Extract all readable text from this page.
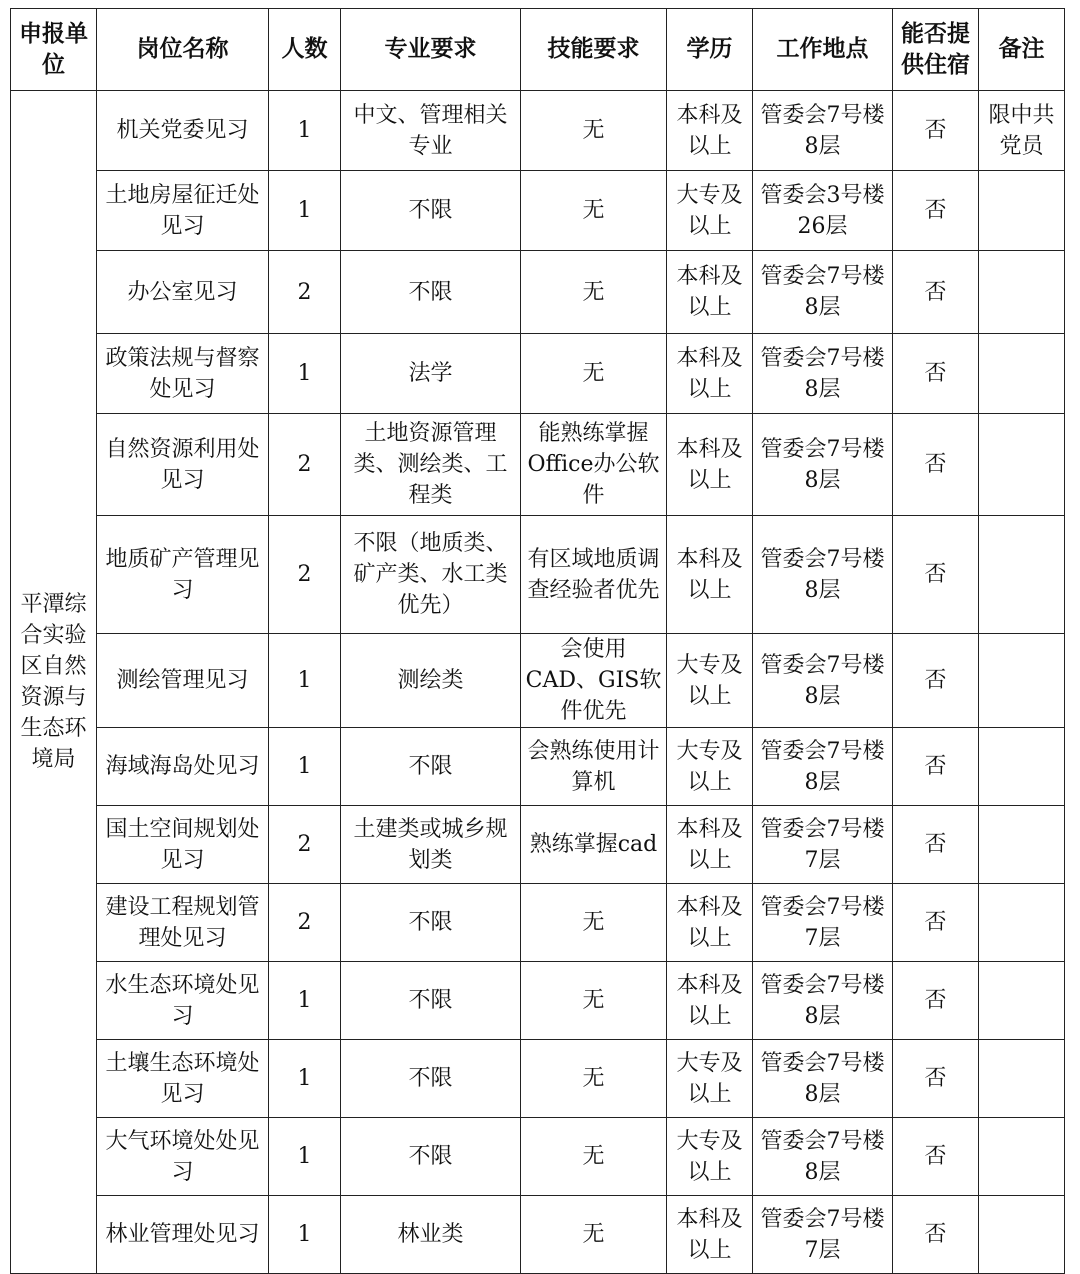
申报单位	岗位名称	人数	专业要求	技能要求	学历	工作地点	能否提供住宿	备注
平潭综合实验区自然资源与生态环境局	机关党委见习	1	中文、管理相关专业	无	本科及以上	管委会7号楼8层	否	限中共党员
	土地房屋征迁处见习	1	不限	无	大专及以上	管委会3号楼26层	否	
	办公室见习	2	不限	无	本科及以上	管委会7号楼8层	否	
	政策法规与督察处见习	1	法学	无	本科及以上	管委会7号楼8层	否	
	自然资源利用处见习	2	土地资源管理类、测绘类、工程类	能熟练掌握Office办公软件	本科及以上	管委会7号楼8层	否	
	地质矿产管理见习	2	不限（地质类、矿产类、水工类优先）	有区域地质调查经验者优先	本科及以上	管委会7号楼8层	否	
	测绘管理见习	1	测绘类	会使用CAD、GIS软件优先	大专及以上	管委会7号楼8层	否	
	海域海岛处见习	1	不限	会熟练使用计算机	大专及以上	管委会7号楼8层	否	
	国土空间规划处见习	2	土建类或城乡规划类	熟练掌握cad	本科及以上	管委会7号楼7层	否	
	建设工程规划管理处见习	2	不限	无	本科及以上	管委会7号楼7层	否	
	水生态环境处见习	1	不限	无	本科及以上	管委会7号楼8层	否	
	土壤生态环境处见习	1	不限	无	大专及以上	管委会7号楼8层	否	
	大气环境处处见习	1	不限	无	大专及以上	管委会7号楼8层	否	
	林业管理处见习	1	林业类	无	本科及以上	管委会7号楼7层	否	
